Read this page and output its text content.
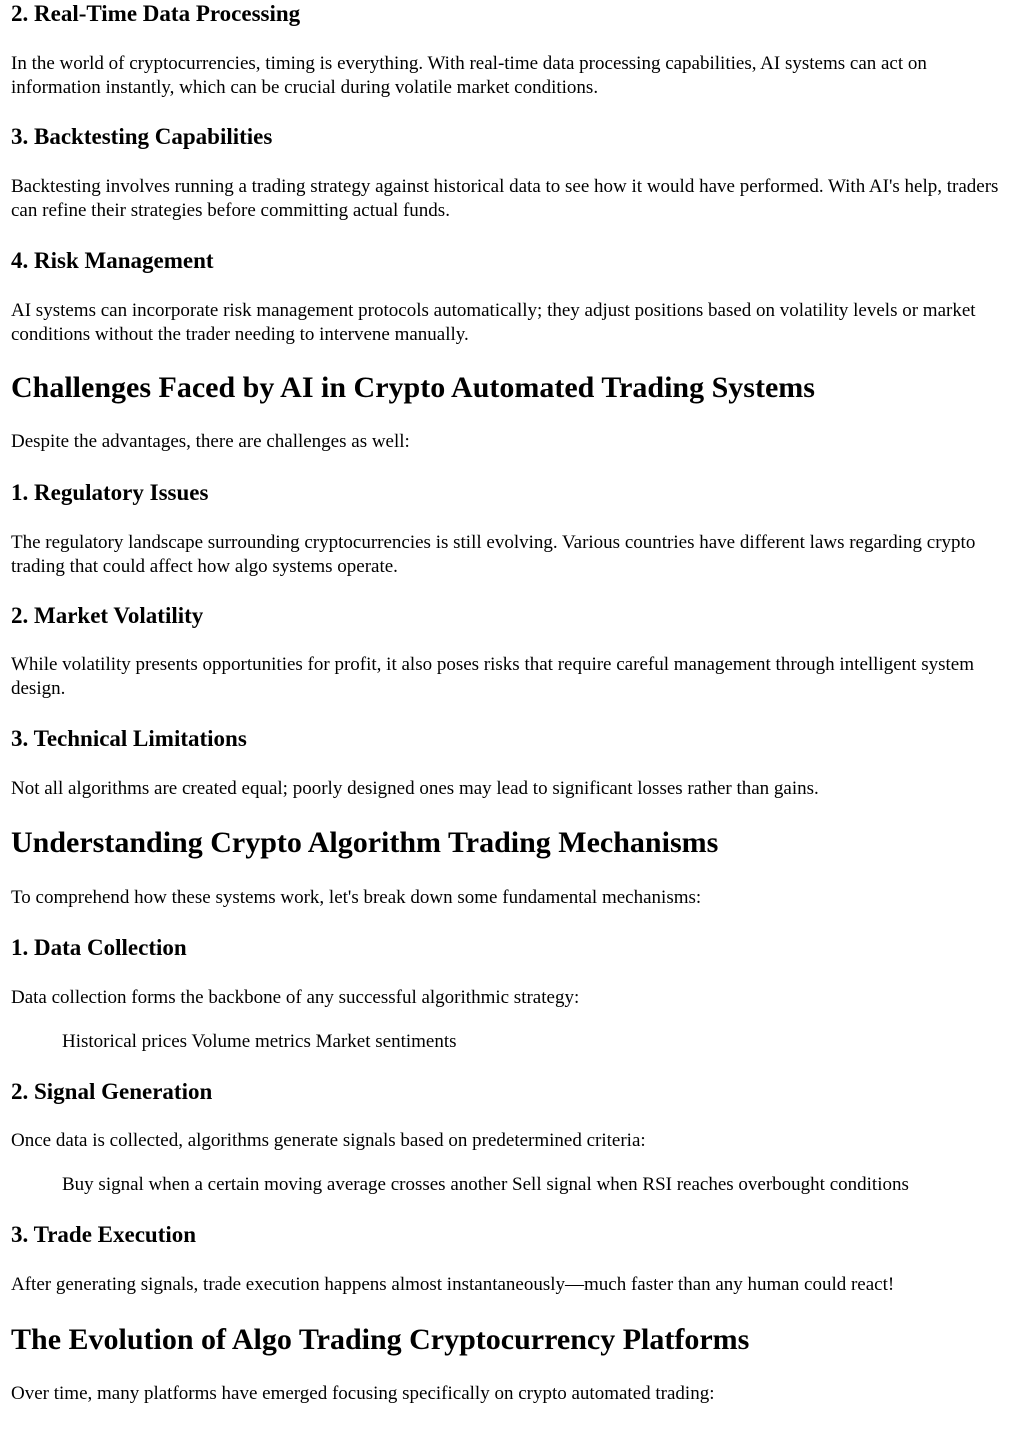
2. Real-Time Data Processing

In the world of cryptocurrencies, timing is everything. With real-time data processing capabilities, AI systems can act on information instantly, which can be crucial during volatile market conditions.

3. Backtesting Capabilities

Backtesting involves running a trading strategy against historical data to see how it would have performed. With AI's help, traders can refine their strategies before committing actual funds.

4. Risk Management

AI systems can incorporate risk management protocols automatically; they adjust positions based on volatility levels or market conditions without the trader needing to intervene manually.

Challenges Faced by AI in Crypto Automated Trading Systems

Despite the advantages, there are challenges as well:

1. Regulatory Issues

The regulatory landscape surrounding cryptocurrencies is still evolving. Various countries have different laws regarding crypto trading that could affect how algo systems operate.

2. Market Volatility

While volatility presents opportunities for profit, it also poses risks that require careful management through intelligent system design.

3. Technical Limitations

Not all algorithms are created equal; poorly designed ones may lead to significant losses rather than gains.

Understanding Crypto Algorithm Trading Mechanisms

To comprehend how these systems work, let's break down some fundamental mechanisms:

1. Data Collection

Data collection forms the backbone of any successful algorithmic strategy:

Historical prices Volume metrics Market sentiments

2. Signal Generation

Once data is collected, algorithms generate signals based on predetermined criteria:

Buy signal when a certain moving average crosses another Sell signal when RSI reaches overbought conditions

3. Trade Execution

After generating signals, trade execution happens almost instantaneously—much faster than any human could react!

The Evolution of Algo Trading Cryptocurrency Platforms

Over time, many platforms have emerged focusing specifically on crypto automated trading:
